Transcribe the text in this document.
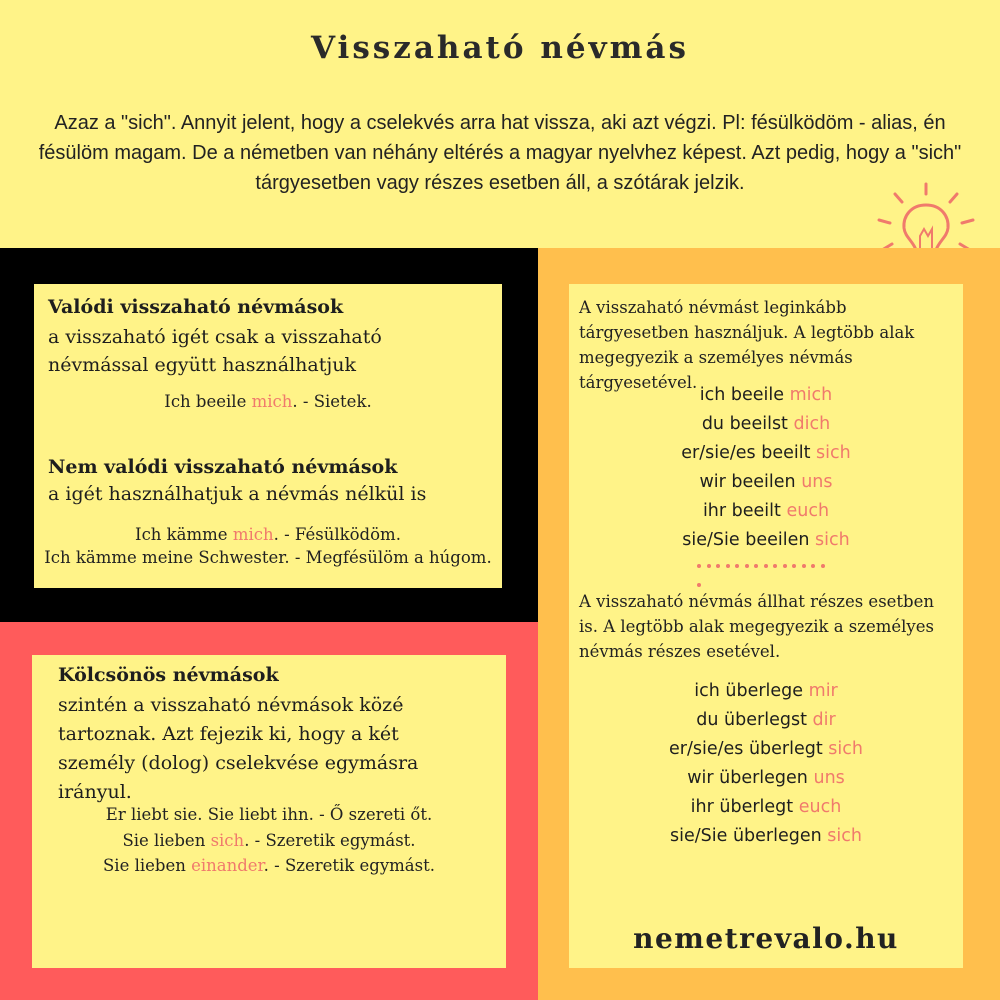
Visszaható névmás
Azaz a "sich". Annyit jelent, hogy a cselekvés arra hat vissza, aki azt végzi. Pl: fésülködöm - alias, én fésülöm magam. De a németben van néhány eltérés a magyar nyelvhez képest. Azt pedig, hogy a "sich" tárgyesetben vagy részes esetben áll, a szótárak jelzik.
Valódi visszaható névmások
a visszaható igét csak a visszaható névmással együtt használhatjuk
Ich beeile mich. - Sietek.
Nem valódi visszaható névmások
a igét használhatjuk a névmás nélkül is
Ich kämme mich. - Fésülködöm.
Ich kämme meine Schwester. - Megfésülöm a húgom.
Kölcsönös névmások
szintén a visszaható névmások közé tartoznak. Azt fejezik ki, hogy a két személy (dolog) cselekvése egymásra irányul.
Er liebt sie. Sie liebt ihn. - Ő szereti őt.
Sie lieben sich. - Szeretik egymást.
Sie lieben einander. - Szeretik egymást.
A visszaható névmást leginkább tárgyesetben használjuk. A legtöbb alak megegyezik a személyes névmás tárgyesetével.
ich beeile mich
du beeilst dich
er/sie/es beeilt sich
wir beeilen uns
ihr beeilt euch
sie/Sie beeilen sich
A visszaható névmás állhat részes esetben is. A legtöbb alak megegyezik a személyes névmás részes esetével.
ich überlege mir
du überlegst dir
er/sie/es überlegt sich
wir überlegen uns
ihr überlegt euch
sie/Sie überlegen sich
nemetrevalo.hu
